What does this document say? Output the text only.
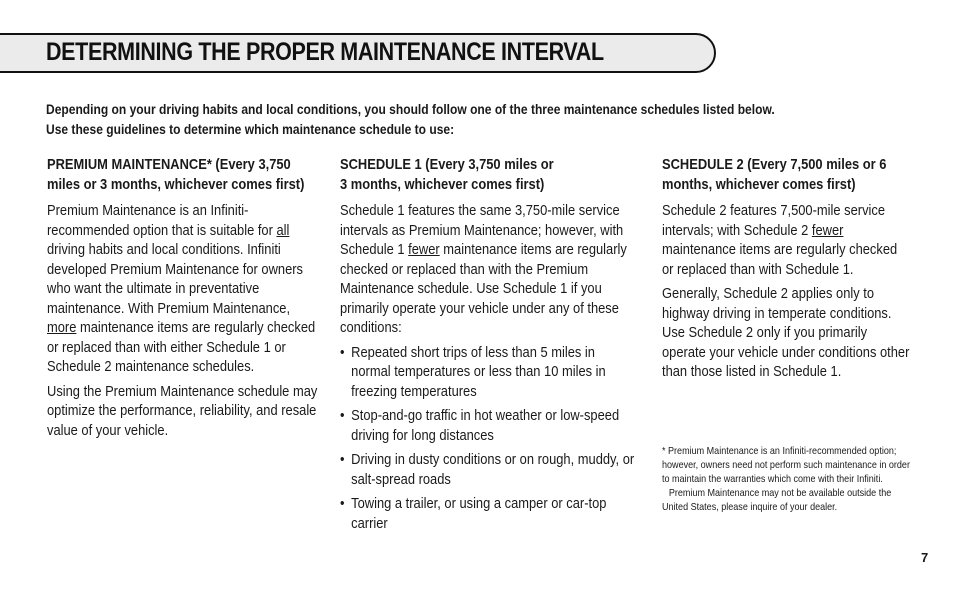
DETERMINING THE PROPER MAINTENANCE INTERVAL
Depending on your driving habits and local conditions, you should follow one of the three maintenance schedules listed below.
Use these guidelines to determine which maintenance schedule to use:
PREMIUM MAINTENANCE* (Every 3,750
miles or 3 months, whichever comes first)

Premium Maintenance is an Infiniti-recommended option that is suitable for all driving habits and local conditions. Infiniti developed Premium Maintenance for owners who want the ultimate in preventative maintenance. With Premium Maintenance, more maintenance items are regularly checked or replaced than with either Schedule 1 or Schedule 2 maintenance schedules.

Using the Premium Maintenance schedule may optimize the performance, reliability, and resale value of your vehicle.

SCHEDULE 1 (Every 3,750 miles or
3 months, whichever comes first)

Schedule 1 features the same 3,750-mile service intervals as Premium Maintenance; however, with Schedule 1 fewer maintenance items are regularly checked or replaced than with the Premium Maintenance schedule. Use Schedule 1 if you primarily operate your vehicle under any of these conditions:

• Repeated short trips of less than 5 miles in normal temperatures or less than 10 miles in freezing temperatures
• Stop-and-go traffic in hot weather or low-speed driving for long distances
• Driving in dusty conditions or on rough, muddy, or salt-spread roads
• Towing a trailer, or using a camper or car-top carrier
SCHEDULE 2 (Every 7,500 miles or 6
months, whichever comes first)

Schedule 2 features 7,500-mile service intervals; with Schedule 2 fewer maintenance items are regularly checked or replaced than with Schedule 1.

Generally, Schedule 2 applies only to highway driving in temperate conditions. Use Schedule 2 only if you primarily operate your vehicle under conditions other than those listed in Schedule 1.

* Premium Maintenance is an Infiniti-recommended option; however, owners need not perform such maintenance in order to maintain the warranties which come with their Infiniti.

Premium Maintenance may not be available outside the United States, please inquire of your dealer.

7
